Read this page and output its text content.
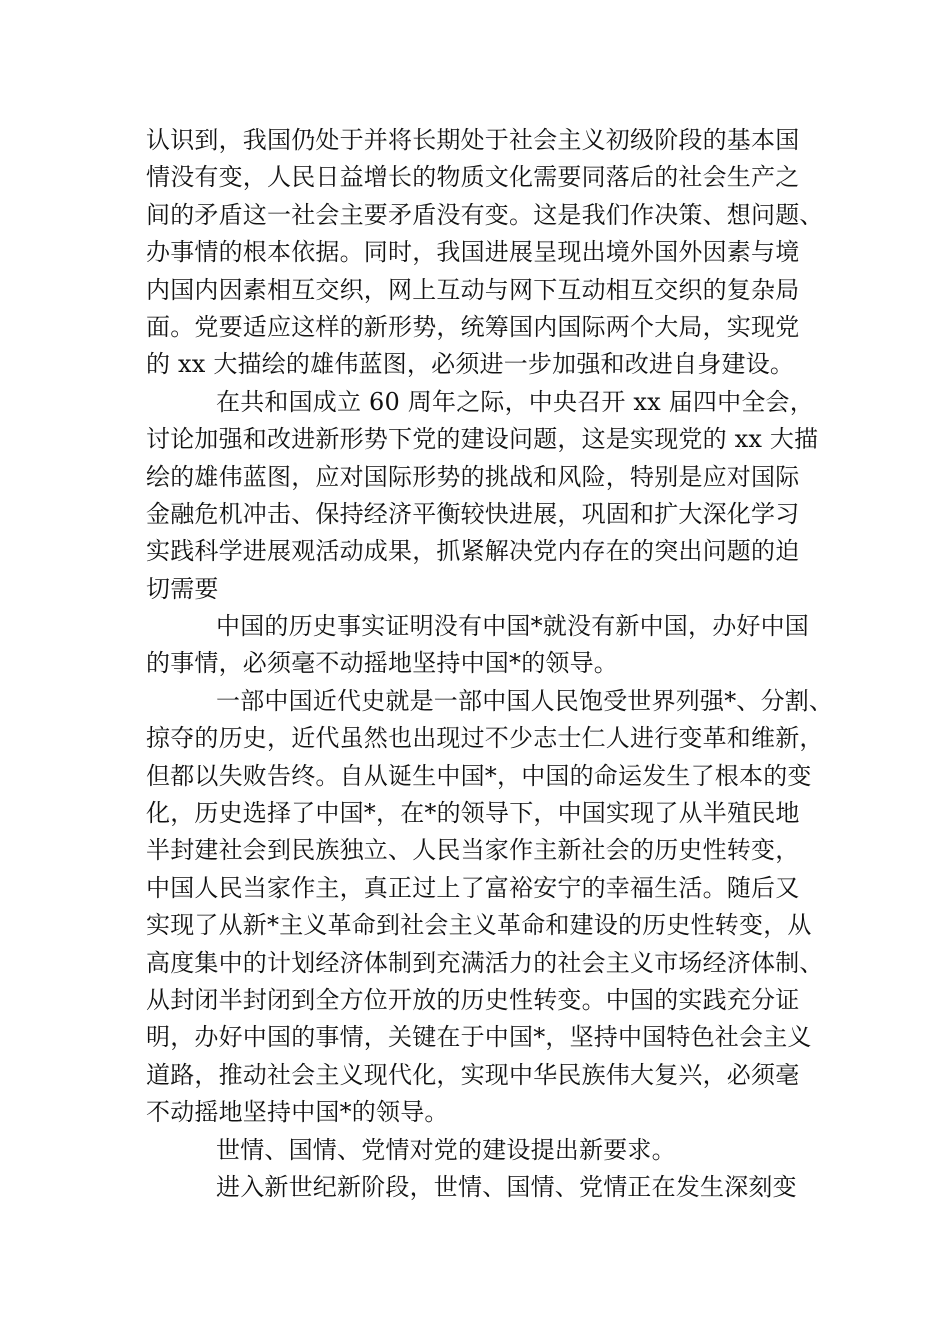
认识到，我国仍处于并将长期处于社会主义初级阶段的基本国
情没有变，人民日益增长的物质文化需要同落后的社会生产之
间的矛盾这一社会主要矛盾没有变。这是我们作决策、想问题、
办事情的根本依据。同时，我国进展呈现出境外国外因素与境
内国内因素相互交织，网上互动与网下互动相互交织的复杂局
面。党要适应这样的新形势，统筹国内国际两个大局，实现党
的 xx 大描绘的雄伟蓝图，必须进一步加强和改进自身建设。
在共和国成立 60 周年之际，中央召开 xx 届四中全会，
讨论加强和改进新形势下党的建设问题，这是实现党的 xx 大描
绘的雄伟蓝图，应对国际形势的挑战和风险，特别是应对国际
金融危机冲击、保持经济平衡较快进展，巩固和扩大深化学习
实践科学进展观活动成果，抓紧解决党内存在的突出问题的迫
切需要
中国的历史事实证明没有中国*就没有新中国，办好中国
的事情，必须毫不动摇地坚持中国*的领导。
一部中国近代史就是一部中国人民饱受世界列强*、分割、
掠夺的历史，近代虽然也出现过不少志士仁人进行变革和维新，
但都以失败告终。自从诞生中国*，中国的命运发生了根本的变
化，历史选择了中国*，在*的领导下，中国实现了从半殖民地
半封建社会到民族独立、人民当家作主新社会的历史性转变，
中国人民当家作主，真正过上了富裕安宁的幸福生活。随后又
实现了从新*主义革命到社会主义革命和建设的历史性转变，从
高度集中的计划经济体制到充满活力的社会主义市场经济体制、
从封闭半封闭到全方位开放的历史性转变。中国的实践充分证
明，办好中国的事情，关键在于中国*，坚持中国特色社会主义
道路，推动社会主义现代化，实现中华民族伟大复兴，必须毫
不动摇地坚持中国*的领导。
世情、国情、党情对党的建设提出新要求。
进入新世纪新阶段，世情、国情、党情正在发生深刻变
